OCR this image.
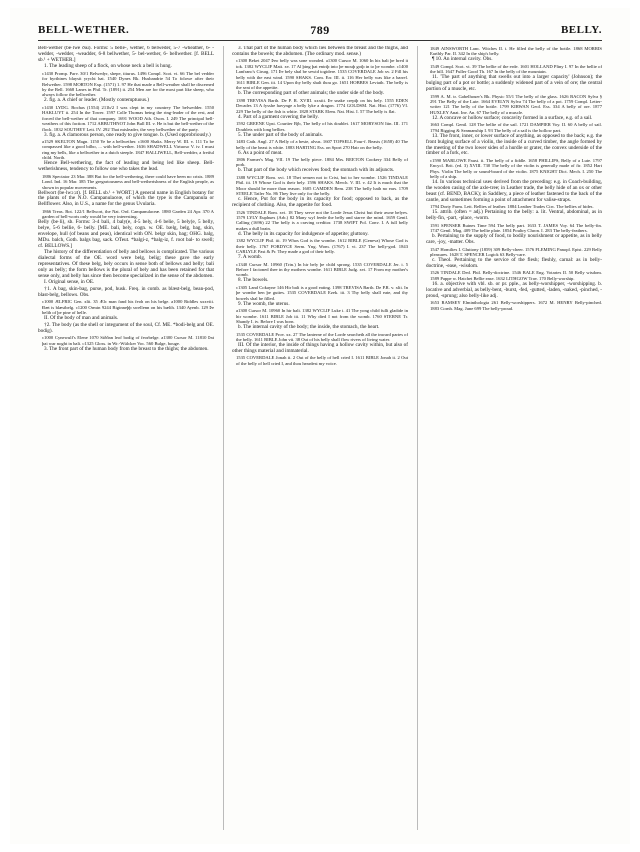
BELL-WETHER.	789	BELLY.

Bell-wether (be·lwe ðəɹ). Forms: 5 belle-, wether, 6 belweder, 5-7 -wheather, 6- -wedder, -wedder, -weadder, 6-8 bellwether, 5- bel-wether, 6- bellwether. [f. BELL sb.¹ + WETHER.]

1. The leading sheep of a flock, on whose neck a bell is hung.

c1430 Promp. Parv. 30/1 Belwedyr, shepe, titurus. 1496 Compl. Scot. vi. 66 The bel vedder for byrthtnes blaysit yrycht hat. 1540 Dynes Bk. Husbandrie 54 To folowe after their Belwether. 1598 MORTON Exp. (1571) 1. 97 He that made a Bell-weather shall be discerned by the Bell. 1668 Lanes in Phil. Tr. (1891) ii. 254 Men are for the most part like sheep, who always follow the bellwether.

2. fig. a. A chief or leader. (Mostly contemptuous.)

c1430 LYDG. Bochas (1554) 211b/2 I was clept in my countrey The belwedder. 1550 HAKLUYT ii. 254 In the Tower. 1597 Colle Thomas being the ring-leader of the rest, and forced the bell-wether of that company. 1691 WOOD Ath. Oxon. I. 249 The principal bell-weathers of this faction. 1712 ARBUTHNOT John Bull III. v. He is but the bell-wether of the flock. 1832 SOUTHEY Lett. IV. 292 That misleader, the very bellwether of the party.

3. fig. a. A clamorous person, one ready to give tongue. b. (Used opprobriously.)

a1529 SKELTON Magn. 1150 Ye be a bellwether. c1600 Shaks. Merry W. III. v. 111 To be compassed like a good bilbo, ... with bell-wether. 1636 SHADWELL Virtuoso V. iv. I must ring my bells, like a bellwether in a dutch steeple. 1847 HALLIWELL, Bell-wedder, a fretful child. North.

Hence Bell-wethering, the fact of leading and being led like sheep. Bell-wetherishness, tendency to follow one who takes the lead.

1886 Spectator 23 Mar. 388 But for the bell-wethering, there could have been no crisis. 1889 Lond. Ind. 16 Mar. 385 The gregariousness and bell-wetherishness of the English people, as shown in popular movements.

Bellwort (be·lwɔːɹt). [f. BELL sb.¹ + WORT.] A general name in English botany for the plants of the N.O. Campanulaceæ, of which the type is the Campanula or Bellflower. Also, in U.S., a name for the genus Uvularia.

1866 Treas. Bot. 122/1 Bellwort, the Nat. Ord. Campanulaceæ. 1880 Garden 24 Apr. 370 A garden of bell-worts only would be very interesting.

Belly (be·li), sb. Forms: 3-4 bali, 4 baly(e, 4-5 bely, 4-6 belie, 5 bely(e, 5 belly, belye, 5-6 bellie, 6- belly. [ME. bali, bely, cogn. w. OE. bælg, belg, bag, skin, envelope, hull (of beans and peas), identical with ON. belgr skin, bag; OHG. balg, MDu. balch, Goth. balgs bag, sack. OTeut. *balgi-z, *balg-iz, f. root bal- to swell; cf. BELLOWS.]

The history of the differentiation of belly and bellows is complicated. The various dialectal forms of the OE. word were belg, belig; these gave the early representatives. Of these belg, bely occurs in sense both of bellows and belly; bali only as belly; the form bellows is the plural of bely and has been retained for that sense only, and belly has since then become specialized in the sense of the abdomen.

I. Original sense, in OE.

†1. A bag, skin-bag, purse, pod, husk. Freq. in comb. as blæst-belg, bean-pod, blast-belg, bellows. Obs.

c1000 ÆLFRIC Gen. xlii. 35 Ælc man fand his feoh on his belge. a1000 Riddles xxxviii. Ðæt is blæstbelg. c1200 Ormin 9244 Biginneþþ swellenn on his bælih. 1340 Ayenb. 129 Þe belih of þe pine of helle.

II. Of the body of man and animals.

†2. The body (as the shell or integument of the soul, Cf. ME. *bodi-belg and OE. bodig).

c1000 Cynewulf's Elene 1070 Siððan leof bodig of feorbelge. a1300 Cursor M. 11810 Þat þai war noght in bali. c1325 Gloss. in Wr.-Wülcker Voc. 560 Bulge, bouge.

3. The front part of the human body from the breast to the thighs; the abdomen.

3. That part of the human body which lies between the breast and the thighs, and contains the bowels; the abdomen. (The ordinary mod. sense.)

c1300 Beket 2047 Þeo belly was sone wonded. a1300 Cursor M. 1060 In his bali þe bred it tok. 1382 WYCLIF Matt. xv. 17 Al þing þat entriþ into þe mouþ goiþ in to þe wombe. c1400 Lanfranc's Cirurg. 171 Þe bely shal be sewid togidere. 1535 COVERDALE Job xv. 2 Fill his belly with the east wind. 1590 SHAKS. Com. Err. III. ii. 116 Her belly was like a barrel. 1611 BIBLE Gen. iii. 14 Upon thy belly shalt thou go. 1651 HOBBES Leviath. The belly is the seat of the appetite.

b. The corresponding part of other animals; the under side of the body.

1398 TREVISA Barth. De P. R. XVIII. xxxiii. Þe snake crepiþ on his bely. 1555 EDEN Decades 13 A fysshe havynge a belly lyke a dragon. 1774 GOLDSM. Nat. Hist. (1776) VI. 229 The belly of the fish is white. 1828 STARK Elem. Nat. Hist. I. 57 The belly is flat.

4. Part of a garment covering the belly.

1592 GREENE Upst. Courtier Bjb, The belly of his doublet. 1617 MORYSON Itin. III. 171 Doublets with long bellies.

5. The under part of the body of animals.

1483 Cath. Angl. 27 A Belly of a beste, alvus. 1607 TOPSELL Four-f. Beasts (1658) 40 The belly of the beast is white. 1883 HARTING Ess. on Sport 270 Hair on the belly.

6. As a point of meat.

1806 Farmer's Mag. VII. 19 The belly piece. 1884 Mrs. BEETON Cookery 334 Belly of pork.

b. That part of the body which receives food; the stomach with its adjuncts.

1388 WYCLIF Rom. xvi. 18 Thei seruen not to Crist, but to her wombe. 1526 TINDALE Phil. iii. 19 Whose God is their bely. 1596 SHAKS. Merch. V. III. v. 42 It is much that the Moor should be more than reason. 1605 CAMDEN Rem. 238 The belly hath no ears. 1709 STEELE Tatler No. 86 They live only for the belly.

c. Hence, Put for the body in its capacity for food; opposed to back, as the recipient of clothing. Also, the appetite for food.

1526 TINDALE Rom. xvi. 18 They serve not the Lorde Jesus Christ but their awne belyes. 1579 LYLY Euphues (Arb.) 82 Many wyl feede the belly and starve the mind. 1659 Gentl. Calling (1696) 22 The belly is a craving creditor. 1738 SWIFT Pol. Conv. I. A full belly makes a dull brain.

d. The belly in its capacity for indulgence of appetite; gluttony.

1382 WYCLIF Phil. iii. 19 Whos God is the wombe. 1612 BIBLE (Geneva) Whose God is their belly. 1767 FORDYCE Serm. Yng. Wom. (1767) I. vi. 237 The belly-god. 1843 CARLYLE Past & Pr. They made a god of their belly.

7. A womb.

c1340 Cursor M. 10960 (Trin.) In hir bely þe child sprong. 1535 COVERDALE Jer. i. 5 Before I facioned thee in thy mothers wombe. 1611 BIBLE Judg. xvi. 17 From my mother's womb.

8. The bowels.

c1305 Land Cokayne 146 Hir bali is a good eating. 1398 TREVISA Barth. De P.R. v. xlii. In þe wombe ben þe guttes. 1535 COVERDALE Ezek. iii. 3 Thy belly shall eate, and thy bowels shal be filled.

9. The womb, the uterus.

a1300 Cursor M. 10960 In hir bali. 1382 WYCLIF Luke i. 41 The yong child fulli gladide in hir wombe. 1611 BIBLE Job iii. 11 Why died I not from the womb. 1760 STERNE Tr. Shandy I. iv. Before I was born.

b. The internal cavity of the body; the inside, the stomach, the heart.

1535 COVERDALE Prov. xx. 27 The lanterne of the Lorde searcheth all the inward partes of the belly. 1611 BIBLE John vii. 38 Out of his belly shall flow rivers of living water.

III. Of the interior, the inside of things having a hollow cavity within, but also of other things material and immaterial.

1535 COVERDALE Jonah ii. 2 Out of the belly of hell cried I. 1611 BIBLE Jonah ii. 2 Out of the belly of hell cried I, and thou heardest my voice.

1849 AINSWORTH Lanc. Witches II. i. He filled the belly of the bottle. 1868 MORRIS Earthly Par. II. 342 In the ship's belly.

¶ 10. An internal cavity. Obs.

1549 Compl. Scot. vi. 39 The bellie of the erde. 1601 HOLLAND Pliny I. 97 In the bellie of the hill. 1647 Fuller Good Th. 167 In the belly of the mountain.

11. 'The part of anything that swells out into a larger capacity' (Johnson); the bulging part of a pot or bottle; a suddenly widened part of a vein of ore; the central portion of a muscle, etc.

1599 A. M. tr. Gabelhouer's Bk. Physic 55/1 The belly of the glass. 1626 BACON Sylva § 291 The Belly of the Lute. 1664 EVELYN Sylva 74 The belly of a pot. 1759 Compl. Letter-writer 121 The belly of the bottle. 1799 KIRWAN Geol. Ess. 334 A belly of ore. 1877 HUXLEY Anat. Inv. An. 67 The belly of a muscle.

12. A concave or hollow surface; concavity formed in a surface, e.g. of a sail.

1663 Compl. Gentl. 128 The bellie of the sail. 1721 DAMPIER Voy. II. 60 A belly of sail. 1794 Rigging & Seamanship I. 93 The belly of a sail is the hollow part.

13. The front, inner, or lower surface of anything, as opposed to the back; e.g. the front bulging surface of a violin, the inside of a curved timber, the angle formed by the meeting of the two lower sides of a hurdle or grater, the convex underside of the timber of a fork, etc.

c1590 MARLOWE Faust. ii. The belly of a fiddle. 1658 PHILLIPS, Belly of a Lute. 1797 Encycl. Brit. (ed. 3) XVIII. 730 The belly of the violin is generally made of fir. 1852 Hart Phys. Violin The belly or sound-board of the violin. 1875 KNIGHT Dict. Mech. I. 250 The belly of a ship.

14. In various technical uses derived from the preceding: e.g. in Coach-building, the wooden casing of the axle-tree; in Leather trade, the belly hide of an ox or other beast (cf. BEND, BACK); in Saddlery, a piece of leather fastened to the back of the cantle, and sometimes forming a point of attachment for valise-straps.

1794 Dorty Farm. Lett. Bellies of leather. 1884 Leather Trades Circ. The bellies of hides.

15. attrib. (often = adj.) Pertaining to the belly: a. lit. Ventral, abdominal, as in belly-fin, -part, -place, -worm.

1591 SPENSER Ruines Time 594 The belly part. 1633 T. JAMES Voy. 64 The belly-fin. 1747 Gentl. Mag. 409 The bellie plate. 1854 Poultry Chron. I. 283 The belly-feathers.

b. Pertaining to the supply of food, to bodily nourishment or appetite, as in belly care, -joy, -matter. Obs.

1547 Homilies I. Gluttony (1859) 309 Belly-cheer. 1576 FLEMING Panopl. Epist. 229 Belly pleasures. 1628 T. SPENCER Logick 63 Belly-care.

c. Theol. Pertaining to the service of the flesh; fleshly, carnal: as in belly-doctrine, -ease, -wisdom.

1526 TINDALE Ded. Phil. Belly-doctrine. 1546 BALE Eng. Votaries II. 50 Belly wisdom. 1589 Pappe w. Hatchet Bellie ease. 1632 LITHGOW Trav. 170 Belly-worship.

16. a. objective with vbl. sb. or pr. pple., as belly-worshipper, -worshipping. b. locative and adverbial, as belly-bent, -burst, -fed, -gutted, -laden, -naked, -pinched, -proud, -sprung; also belly-like adj.

1653 RAMSEY Elminthologia 261 Belly-worshippers. 1672 M. HENRY Belly-pinched. 1883 Cornh. Mag. June 699 The belly-proud.
